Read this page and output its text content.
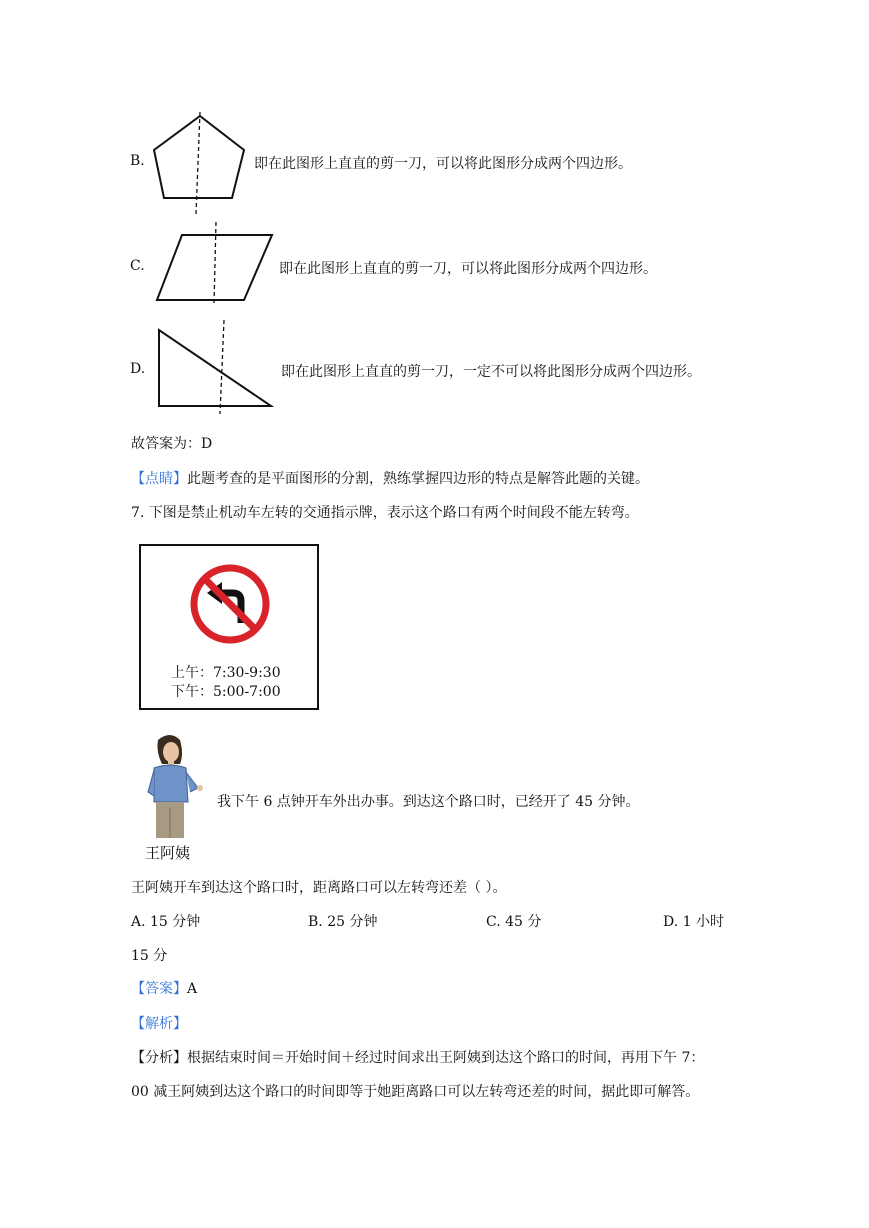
B.	即在此图形上直直的剪一刀，可以将此图形分成两个四边形。
C.	即在此图形上直直的剪一刀，可以将此图形分成两个四边形。
D.	即在此图形上直直的剪一刀，一定不可以将此图形分成两个四边形。
故答案为：D
【点睛】此题考查的是平面图形的分割，熟练掌握四边形的特点是解答此题的关键。
7. 下图是禁止机动车左转的交通指示牌，表示这个路口有两个时间段不能左转弯。
上午：7:30-9:30
下午：5:00-7:00
我下午 6 点钟开车外出办事。到达这个路口时，已经开了 45 分钟。
王阿姨
王阿姨开车到达这个路口时，距离路口可以左转弯还差（ ）。
A. 15 分钟	B. 25 分钟	C. 45 分	D. 1 小时
15 分
【答案】A
【解析】
【分析】根据结束时间＝开始时间＋经过时间求出王阿姨到达这个路口的时间，再用下午 7：
00 减王阿姨到达这个路口的时间即等于她距离路口可以左转弯还差的时间，据此即可解答。
